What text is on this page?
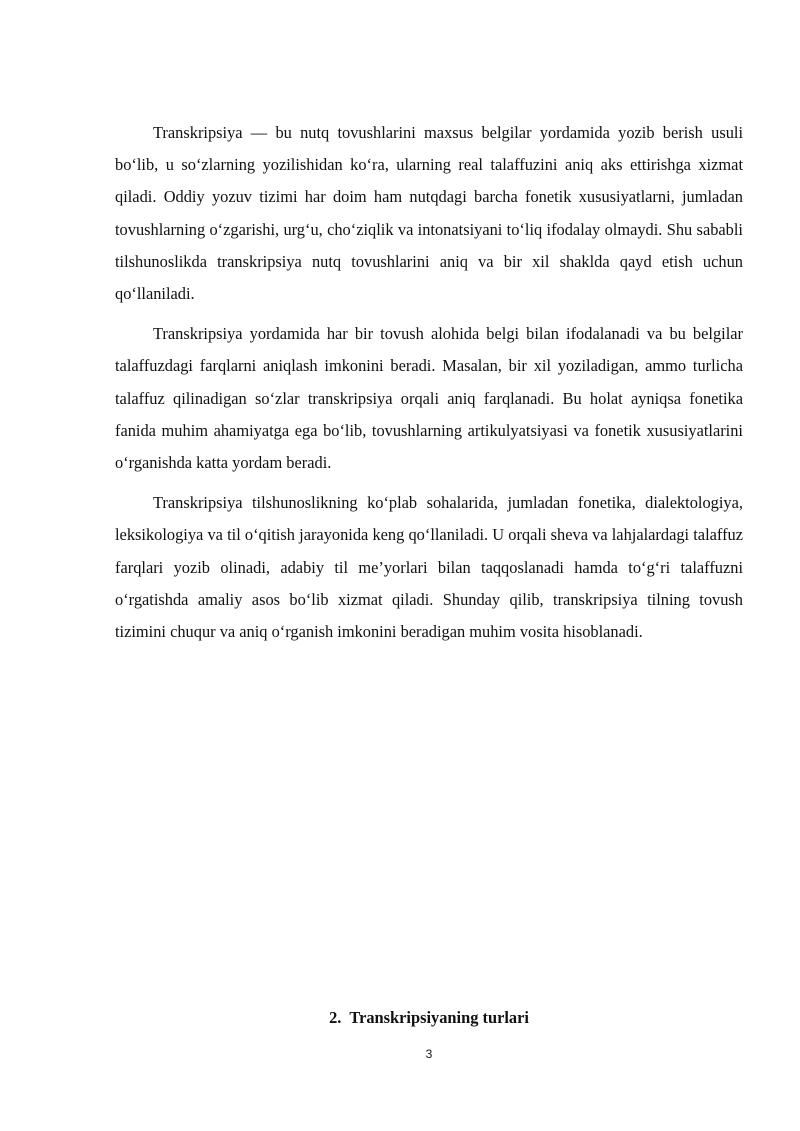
Transkripsiya — bu nutq tovushlarini maxsus belgilar yordamida yozib berish usuli bo‘lib, u so‘zlarning yozilishidan ko‘ra, ularning real talaffuzini aniq aks ettirishga xizmat qiladi. Oddiy yozuv tizimi har doim ham nutqdagi barcha fonetik xususiyatlarni, jumladan tovushlarning o‘zgarishi, urg‘u, cho‘ziqlik va intonatsiyani to‘liq ifodalay olmaydi. Shu sababli tilshunoslikda transkripsiya nutq tovushlarini aniq va bir xil shaklda qayd etish uchun qo‘llaniladi.

Transkripsiya yordamida har bir tovush alohida belgi bilan ifodalanadi va bu belgilar talaffuzdagi farqlarni aniqlash imkonini beradi. Masalan, bir xil yoziladigan, ammo turlicha talaffuz qilinadigan so‘zlar transkripsiya orqali aniq farqlanadi. Bu holat ayniqsa fonetika fanida muhim ahamiyatga ega bo‘lib, tovushlarning artikulyatsiyasi va fonetik xususiyatlarini o‘rganishda katta yordam beradi.

Transkripsiya tilshunoslikning ko‘plab sohalarida, jumladan fonetika, dialektologiya, leksikologiya va til o‘qitish jarayonida keng qo‘llaniladi. U orqali sheva va lahjalardagi talaffuz farqlari yozib olinadi, adabiy til me’yorlari bilan taqqoslanadi hamda to‘g‘ri talaffuzni o‘rgatishda amaliy asos bo‘lib xizmat qiladi. Shunday qilib, transkripsiya tilning tovush tizimini chuqur va aniq o‘rganish imkonini beradigan muhim vosita hisoblanadi.

2. Transkripsiyaning turlari
3
